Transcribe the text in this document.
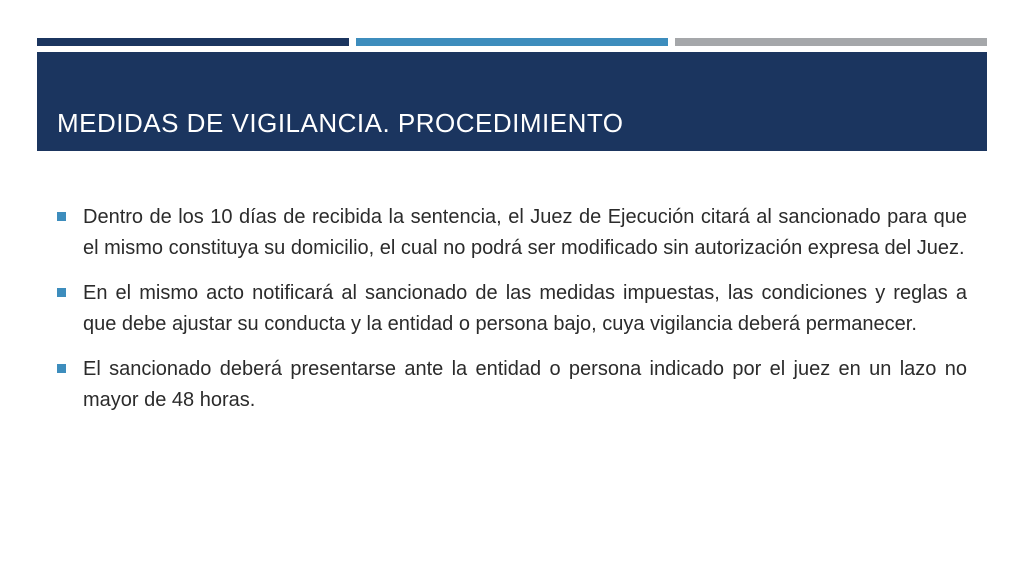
MEDIDAS DE VIGILANCIA. PROCEDIMIENTO
Dentro de los 10 días de recibida la sentencia, el Juez de Ejecución citará al sancionado para que el mismo constituya su domicilio, el cual no podrá ser modificado sin autorización expresa del Juez.
En el mismo acto notificará al sancionado de las medidas impuestas, las condiciones y reglas a que debe ajustar su conducta y la entidad o persona bajo, cuya vigilancia deberá permanecer.
El sancionado deberá presentarse ante la entidad o persona indicado por el juez en un lazo no mayor de 48 horas.
